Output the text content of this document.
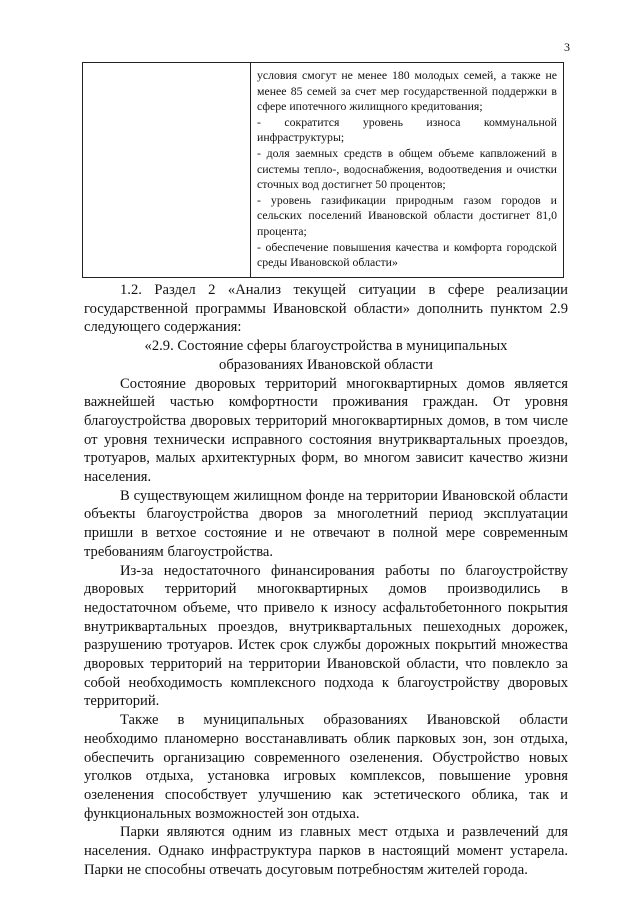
3

условия смогут не менее 180 молодых семей, а также не менее 85 семей за счет мер государственной поддержки в сфере ипотечного жилищного кредитования;

- сократится уровень износа коммунальной инфраструктуры;

- доля заемных средств в общем объеме капвложений в системы тепло-, водоснабжения, водоотведения и очистки сточных вод достигнет 50 процентов;

- уровень газификации природным газом городов и сельских поселений Ивановской области достигнет 81,0 процента;

- обеспечение повышения качества и комфорта городской среды Ивановской области»

1.2. Раздел 2 «Анализ текущей ситуации в сфере реализации государственной программы Ивановской области» дополнить пунктом 2.9 следующего содержания:

«2.9. Состояние сферы благоустройства в муниципальных образованиях Ивановской области

Состояние дворовых территорий многоквартирных домов является важнейшей частью комфортности проживания граждан. От уровня благоустройства дворовых территорий многоквартирных домов, в том числе от уровня технически исправного состояния внутриквартальных проездов, тротуаров, малых архитектурных форм, во многом зависит качество жизни населения.

В существующем жилищном фонде на территории Ивановской области объекты благоустройства дворов за многолетний период эксплуатации пришли в ветхое состояние и не отвечают в полной мере современным требованиям благоустройства.

Из-за недостаточного финансирования работы по благоустройству дворовых территорий многоквартирных домов производились в недостаточном объеме, что привело к износу асфальтобетонного покрытия внутриквартальных проездов, внутриквартальных пешеходных дорожек, разрушению тротуаров. Истек срок службы дорожных покрытий множества дворовых территорий на территории Ивановской области, что повлекло за собой необходимость комплексного подхода к благоустройству дворовых территорий.

Также в муниципальных образованиях Ивановской области необходимо планомерно восстанавливать облик парковых зон, зон отдыха, обеспечить организацию современного озеленения. Обустройство новых уголков отдыха, установка игровых комплексов, повышение уровня озеленения способствует улучшению как эстетического облика, так и функциональных возможностей зон отдыха.

Парки являются одним из главных мест отдыха и развлечений для населения. Однако инфраструктура парков в настоящий момент устарела. Парки не способны отвечать досуговым потребностям жителей города.
